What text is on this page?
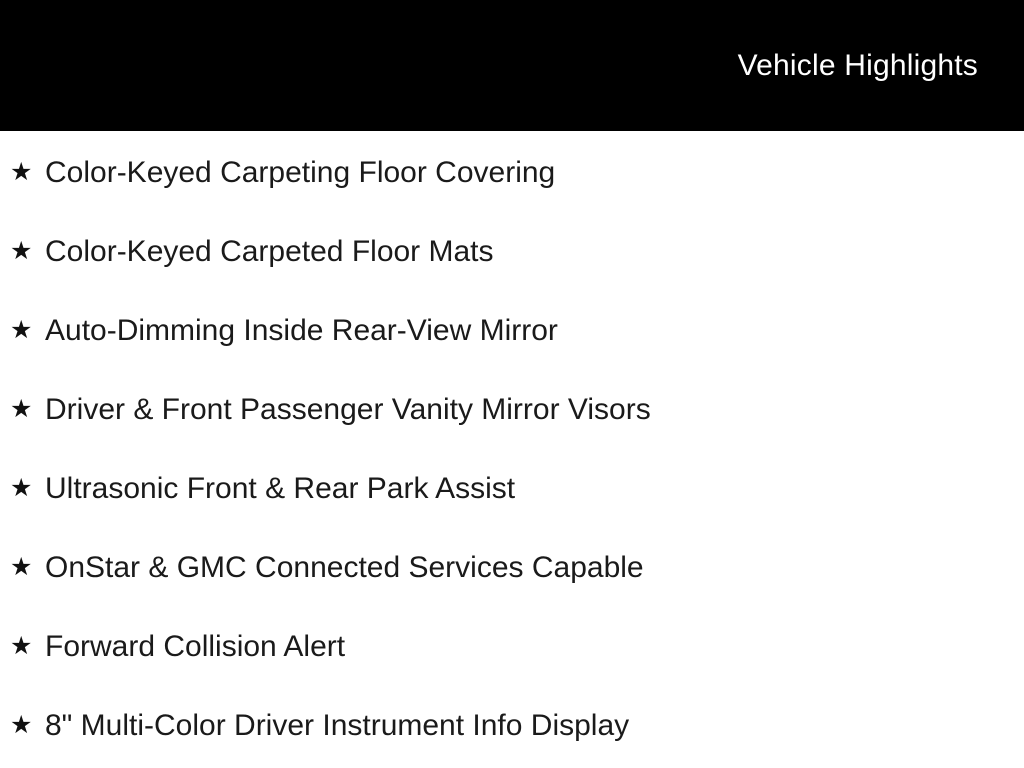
Vehicle Highlights
★ Color-Keyed Carpeting Floor Covering
★ Color-Keyed Carpeted Floor Mats
★ Auto-Dimming Inside Rear-View Mirror
★ Driver & Front Passenger Vanity Mirror Visors
★ Ultrasonic Front & Rear Park Assist
★ OnStar & GMC Connected Services Capable
★ Forward Collision Alert
★ 8" Multi-Color Driver Instrument Info Display
